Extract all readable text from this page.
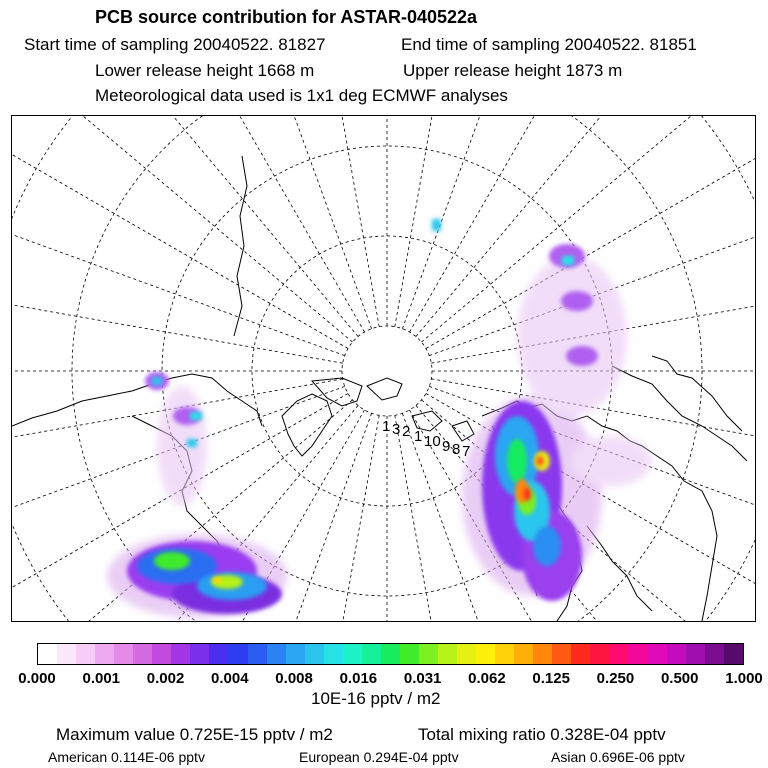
PCB source contribution for ASTAR-040522a
Start time of sampling 20040522. 81827	End time of sampling 20040522. 81851
Lower release height 1668 m	Upper release height 1873 m
Meteorological data used is 1x1 deg ECMWF analyses
1 3 2 1 10 9 8 7
0.000 0.001 0.002 0.004 0.008 0.016 0.031 0.062 0.125 0.250 0.500 1.000
10E-16 pptv / m2
Maximum value 0.725E-15 pptv / m2	Total mixing ratio 0.328E-04 pptv
American 0.114E-06 pptv	European 0.294E-04 pptv	Asian 0.696E-06 pptv
